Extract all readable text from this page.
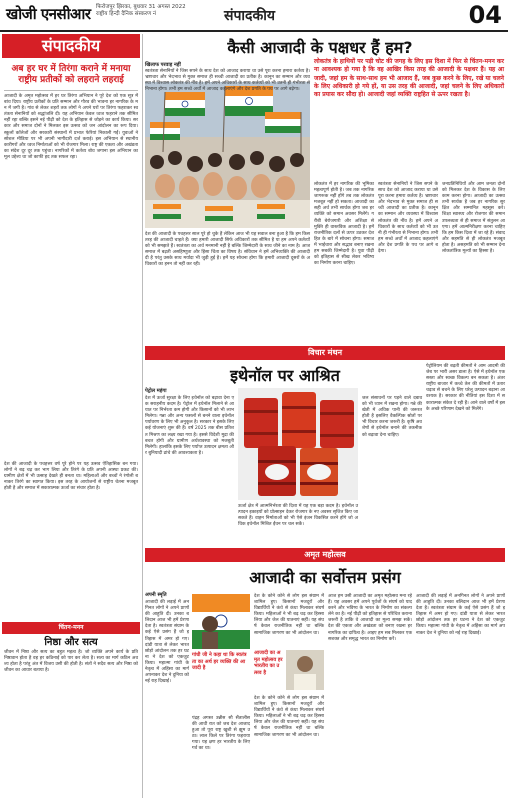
खोजी एनसीआर फिरोजपुर झिरका, बुधवार 31 अगस्त 2022
राष्ट्रीय हिन्दी दैनिक संस्करण नं	संपादकीय	04
संपादकीय
अब हर घर में तिरंगा कराने में मनाया राष्ट्रीय प्रतीकों को लहराने लहराई
आजादी के अमृत महोत्सव में हर घर तिरंगा अभियान ने पूरे देश को एक सूत्र में बांध दिया। राष्ट्रीय प्रतीकों के प्रति सम्मान और गौरव की भावना हर नागरिक के मन में जगी है। गांव से लेकर शहरों तक लोगों ने अपने घरों पर तिरंगा फहराकर स्वतंत्रता सेनानियों को श्रद्धांजलि दी। यह अभियान केवल ध्वज फहराने तक सीमित नहीं रहा बल्कि इसने नई पीढ़ी को देश के इतिहास से जोड़ने का कार्य किया। सरकार और समाज दोनों ने मिलकर इस उत्सव को जन आंदोलन का रूप दिया। स्कूलों कॉलेजों और सरकारी संस्थानों में प्रभात फेरियां निकाली गईं। युवाओं ने सोशल मीडिया पर भी अपनी भागीदारी दर्ज कराई। इस अभियान से स्थानीय कारीगरों और ध्वज निर्माताओं को भी रोजगार मिला। राष्ट्र की एकता और अखंडता का संदेश दूर दूर तक पहुंचा। नागरिकों में कर्तव्य बोध जगाना इस अभियान का मूल उद्देश्य था जो काफी हद तक सफल रहा।
देश की आजादी के पचहत्तर वर्ष पूरे होने पर यह उत्सव ऐतिहासिक बन गया। लोगों ने बढ़ चढ़ कर भाग लिया और तिरंगे के प्रति अपनी आस्था प्रकट की। ग्रामीण क्षेत्रों में भी उत्साह देखते ही बनता था। महिलाओं और बच्चों ने रंगोली बनाकर तिरंगे का स्वागत किया। इस तरह के आयोजनों से राष्ट्रीय चेतना मजबूत होती है और समाज में सकारात्मक ऊर्जा का संचार होता है।
चिंतन-मनन
निष्ठा और सत्य
जीवन में निष्ठा और सत्य का बहुत महत्व है। जो व्यक्ति अपने कार्य के प्रति निष्ठावान होता है वह हर कठिनाई को पार कर लेता है। सत्य का मार्ग कठिन अवश्य होता है परंतु अंत में विजय उसी की होती है। संतों ने सदैव सत्य और निष्ठा को जीवन का आधार बताया है।
कैसी आजादी के पक्षधर हैं हम?
देश की आजादी के पचहत्तर साल पूरे हो चुके हैं लेकिन आज भी यह सवाल बना हुआ है कि हम किस तरह की आजादी चाहते हैं। क्या हमारी आजादी सिर्फ अधिकारों तक सीमित है या हम अपने कर्तव्यों को भी समझते हैं। स्वतंत्रता का अर्थ मनमानी नहीं है बल्कि जिम्मेदारी के साथ जीने का नाम है। आज समाज में बढ़ती असहिष्णुता और हिंसा चिंता का विषय है। संविधान ने हमें अभिव्यक्ति की आजादी दी है परंतु उसके साथ मर्यादा भी जुड़ी हुई है। हमें यह सोचना होगा कि हमारी आजादी दूसरों के अधिकारों का हनन तो नहीं कर रही।
खिलाफ परवाह नहीं
स्वतंत्रता सेनानियों ने जिस सपने के साथ देश को आजाद कराया था उसे पूरा करना हमारा कर्तव्य है। भ्रष्टाचार और भेदभाव से मुक्त समाज ही सच्ची आजादी का प्रतीक है। कानून का सम्मान और व्यवस्था में विश्वास लोकतंत्र की नींव है। हमें अपने अधिकारों के साथ कर्तव्यों को भी उतनी ही गंभीरता से निभाना होगा। तभी हम सच्चे अर्थों में आजाद कहलाएंगे और देश प्रगति के पथ पर आगे बढ़ेगा।
लोकतंत्र के हाथियों पर पड़ी चोट की जगह के लिए इस दिशा में फिर से चिंतन-मनन करना आवश्यक हो गया है कि वह आखिर किस तरह की आजादी के पक्षधर हैं। यह आजादी, जहां हम के साथ-साथ हम भी आजाद हैं, जब कुछ करने के लिए, रखे या चलने के लिए अधिकारी हो गये हों, या उस तरह की आजादी, जहां चलने के लिए अधिकारों का प्रयास कर सौदा हो। आजादी जहां व्यक्ति राष्ट्रहित से ऊपर रखता है।
लोकतंत्र में हर नागरिक की भूमिका महत्वपूर्ण होती है। जब तक नागरिक जागरूक नहीं होंगे तब तक लोकतंत्र मजबूत नहीं हो सकता। आजादी का सही अर्थ तभी सार्थक होगा जब हर व्यक्ति को समान अवसर मिलेंगे। गरीबी बेरोजगारी और अशिक्षा से मुक्ति ही वास्तविक आजादी है। हमें राजनीतिक दलों से ऊपर उठकर देशहित के बारे में सोचना होगा। समाज में भाईचारा और सद्भाव बनाए रखना हम सबकी जिम्मेदारी है। युवा पीढ़ी को इतिहास से सीख लेकर भविष्य का निर्माण करना चाहिए।
स्वतंत्रता सेनानियों ने जिस सपने के साथ देश को आजाद कराया था उसे पूरा करना हमारा कर्तव्य है। भ्रष्टाचार और भेदभाव से मुक्त समाज ही सच्ची आजादी का प्रतीक है। कानून का सम्मान और व्यवस्था में विश्वास लोकतंत्र की नींव है। हमें अपने अधिकारों के साथ कर्तव्यों को भी उतनी ही गंभीरता से निभाना होगा। तभी हम सच्चे अर्थों में आजाद कहलाएंगे और देश प्रगति के पथ पर आगे बढ़ेगा।
जनप्रतिनिधियों और आम जनता दोनों को मिलकर देश के विकास के लिए काम करना होगा। आजादी का उत्सव तभी सार्थक है जब हर नागरिक सुरक्षित और सम्मानित महसूस करे। शिक्षा स्वास्थ्य और रोजगार की समान उपलब्धता से ही समाज में संतुलन आएगा। हमें आत्मनिरीक्षण करना चाहिए कि हम किस दिशा में जा रहे हैं। संवाद और सहमति से ही लोकतंत्र मजबूत होता है। असहमति को भी सम्मान देना लोकतांत्रिक मूल्यों का हिस्सा है।
विचार मंथन
इथेनॉल पर आश्रित
पेट्रोल महंगा
देश में ऊर्जा सुरक्षा के लिए इथेनॉल को बढ़ावा देना एक सराहनीय कदम है। पेट्रोल में इथेनॉल मिलाने से आयात पर निर्भरता कम होगी और किसानों को भी लाभ मिलेगा। गन्ना और अन्य फसलों से बनने वाला इथेनॉल पर्यावरण के लिए भी अनुकूल है। सरकार ने इसके लिए कई योजनाएं शुरू की हैं। वर्ष 2025 तक बीस प्रतिशत मिश्रण का लक्ष्य रखा गया है। इससे विदेशी मुद्रा की बचत होगी और ग्रामीण अर्थव्यवस्था को मजबूती मिलेगी। हालांकि इसके लिए पर्याप्त उत्पादन क्षमता और बुनियादी ढांचे की आवश्यकता है।
जल संसाधनों पर पड़ने वाले दबाव को भी ध्यान में रखना होगा। गन्ने की खेती में अधिक पानी की जरूरत होती है इसलिए वैकल्पिक स्रोतों पर भी विचार करना जरूरी है। कृषि अवशेषों से इथेनॉल बनाने की तकनीक को बढ़ावा देना चाहिए।
पेट्रोलियम की बढ़ती कीमतों ने आम आदमी की जेब पर भारी असर डाला है। ऐसे में इथेनॉल एक सस्ता और स्वच्छ विकल्प बन सकता है। अंतरराष्ट्रीय बाजार में कच्चे तेल की कीमतों में उतार चढ़ाव से बचने के लिए घरेलू उत्पादन बढ़ाना आवश्यक है। सरकार की नीतियां इस दिशा में सकारात्मक संकेत दे रही हैं। आने वाले वर्षों में इसके अच्छे परिणाम देखने को मिलेंगे।
ऊर्जा क्षेत्र में आत्मनिर्भरता की दिशा में यह एक बड़ा कदम है। इथेनॉल उत्पादन इकाइयों को प्रोत्साहन देकर रोजगार के नए अवसर सृजित किए जा सकते हैं। वाहन निर्माताओं को भी ऐसे इंजन विकसित करने होंगे जो अधिक इथेनॉल मिश्रित ईंधन पर चल सकें।
अमृत महोत्सव
आजादी का सर्वोत्तम प्रसंग
अपनी स्मृति
आजादी की लड़ाई में अनगिनत लोगों ने अपने प्राणों की आहुति दी। उनका बलिदान आज भी हमें प्रेरणा देता है। स्वतंत्रता संग्राम के कई ऐसे प्रसंग हैं जो इतिहास में अमर हो गए। दांडी यात्रा से लेकर भारत छोड़ो आंदोलन तक हर घटना ने देश को एकजुट किया। महात्मा गांधी के नेतृत्व में अहिंसा का मार्ग अपनाकर देश ने दुनिया को नई राह दिखाई।
गांधी जी ने कहा था कि स्वतंत्रता का अर्थ हर व्यक्ति की आजादी है
पंद्रह अगस्त उन्नीस सौ सैंतालीस की आधी रात को जब देश आजाद हुआ तो पूरा राष्ट्र खुशी से झूम उठा। लाल किले पर तिरंगा फहराया गया। यह क्षण हर भारतीय के लिए गर्व का था।
देश के कोने कोने से लोग इस संग्राम में शामिल हुए। किसानों मजदूरों और विद्यार्थियों ने कंधे से कंधा मिलाकर संघर्ष किया। महिलाओं ने भी बढ़ चढ़ कर हिस्सा लिया और जेल की यातनाएं सहीं। यह संघर्ष केवल राजनीतिक नहीं था बल्कि सामाजिक जागरण का भी आंदोलन था।
आजादी का अमृत महोत्सव हर भारतीय का उत्सव है
देश के कोने कोने से लोग इस संग्राम में शामिल हुए। किसानों मजदूरों और विद्यार्थियों ने कंधे से कंधा मिलाकर संघर्ष किया। महिलाओं ने भी बढ़ चढ़ कर हिस्सा लिया और जेल की यातनाएं सहीं। यह संघर्ष केवल राजनीतिक नहीं था बल्कि सामाजिक जागरण का भी आंदोलन था।
आज हम उसी आजादी का अमृत महोत्सव मना रहे हैं। यह अवसर हमें अपने पूर्वजों के संघर्ष को याद करने और भविष्य के भारत के निर्माण का संकल्प लेने का है। नई पीढ़ी को इतिहास से परिचित कराना जरूरी है ताकि वे आजादी का मूल्य समझ सकें। देश की एकता और अखंडता को बनाए रखना हर नागरिक का दायित्व है। आइए हम सब मिलकर एक सशक्त और समृद्ध भारत का निर्माण करें।
आजादी की लड़ाई में अनगिनत लोगों ने अपने प्राणों की आहुति दी। उनका बलिदान आज भी हमें प्रेरणा देता है। स्वतंत्रता संग्राम के कई ऐसे प्रसंग हैं जो इतिहास में अमर हो गए। दांडी यात्रा से लेकर भारत छोड़ो आंदोलन तक हर घटना ने देश को एकजुट किया। महात्मा गांधी के नेतृत्व में अहिंसा का मार्ग अपनाकर देश ने दुनिया को नई राह दिखाई।
